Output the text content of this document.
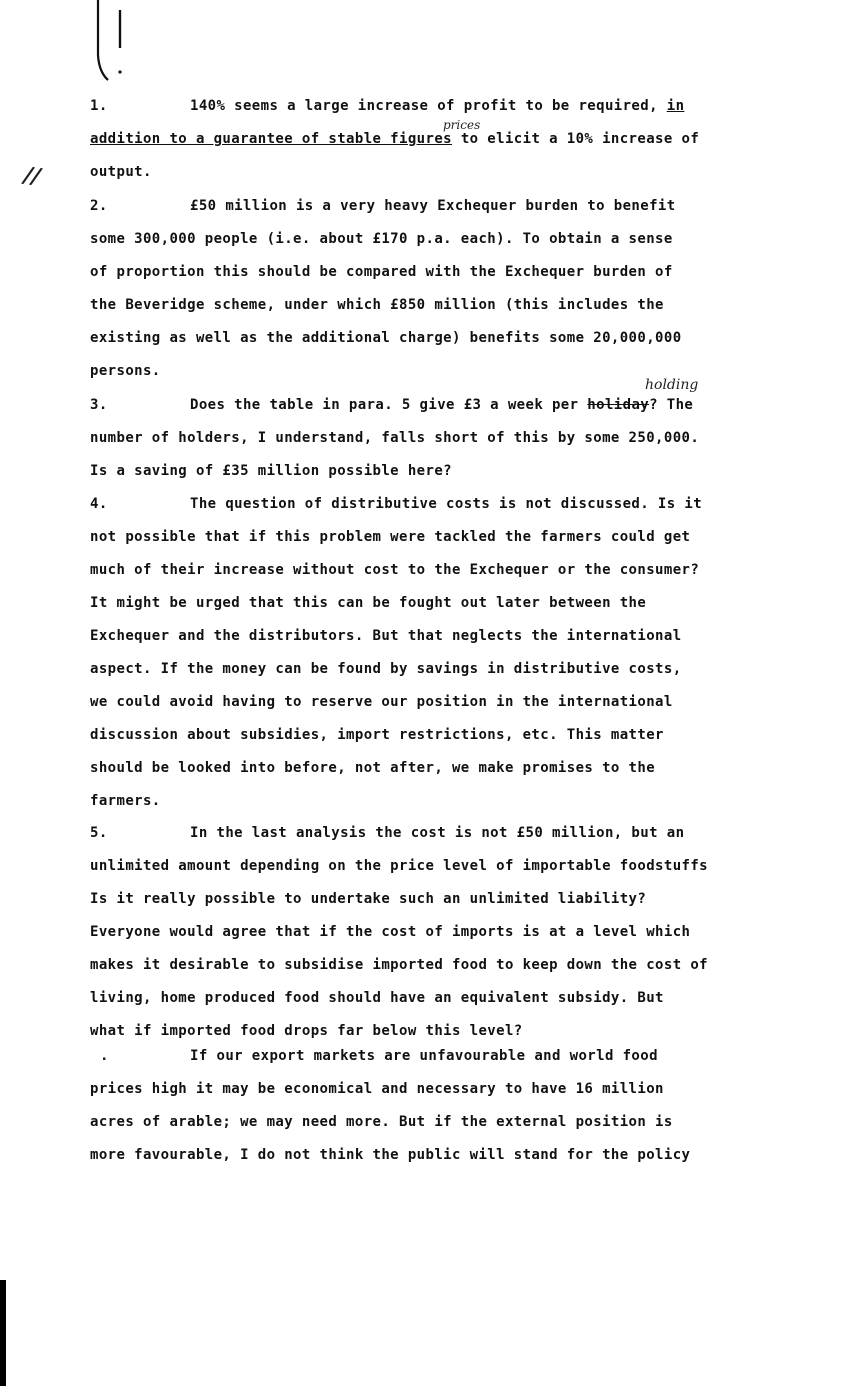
//
1.	140% seems a large increase of profit to be required, in
addition to a guarantee of stable figures to elicit a 10% increase of
output.
prices
2.	£50 million is a very heavy Exchequer burden to benefit
some 300,000 people (i.e. about £170 p.a. each). To obtain a sense
of proportion this should be compared with the Exchequer burden of
the Beveridge scheme, under which £850 million (this includes the
existing as well as the additional charge) benefits some 20,000,000
persons.
3.	Does the table in para. 5 give £3 a week per holiday? The
number of holders, I understand, falls short of this by some 250,000.
Is a saving of £35 million possible here?
holding
4.	The question of distributive costs is not discussed. Is it
not possible that if this problem were tackled the farmers could get
much of their increase without cost to the Exchequer or the consumer?
It might be urged that this can be fought out later between the
Exchequer and the distributors. But that neglects the international
aspect. If the money can be found by savings in distributive costs,
we could avoid having to reserve our position in the international
discussion about subsidies, import restrictions, etc. This matter
should be looked into before, not after, we make promises to the
farmers.
5.	In the last analysis the cost is not £50 million, but an
unlimited amount depending on the price level of importable foodstuffs
Is it really possible to undertake such an unlimited liability?
Everyone would agree that if the cost of imports is at a level which
makes it desirable to subsidise imported food to keep down the cost of
living, home produced food should have an equivalent subsidy. But
what if imported food drops far below this level?
.	If our export markets are unfavourable and world food
prices high it may be economical and necessary to have 16 million
acres of arable; we may need more. But if the external position is
more favourable, I do not think the public will stand for the policy
